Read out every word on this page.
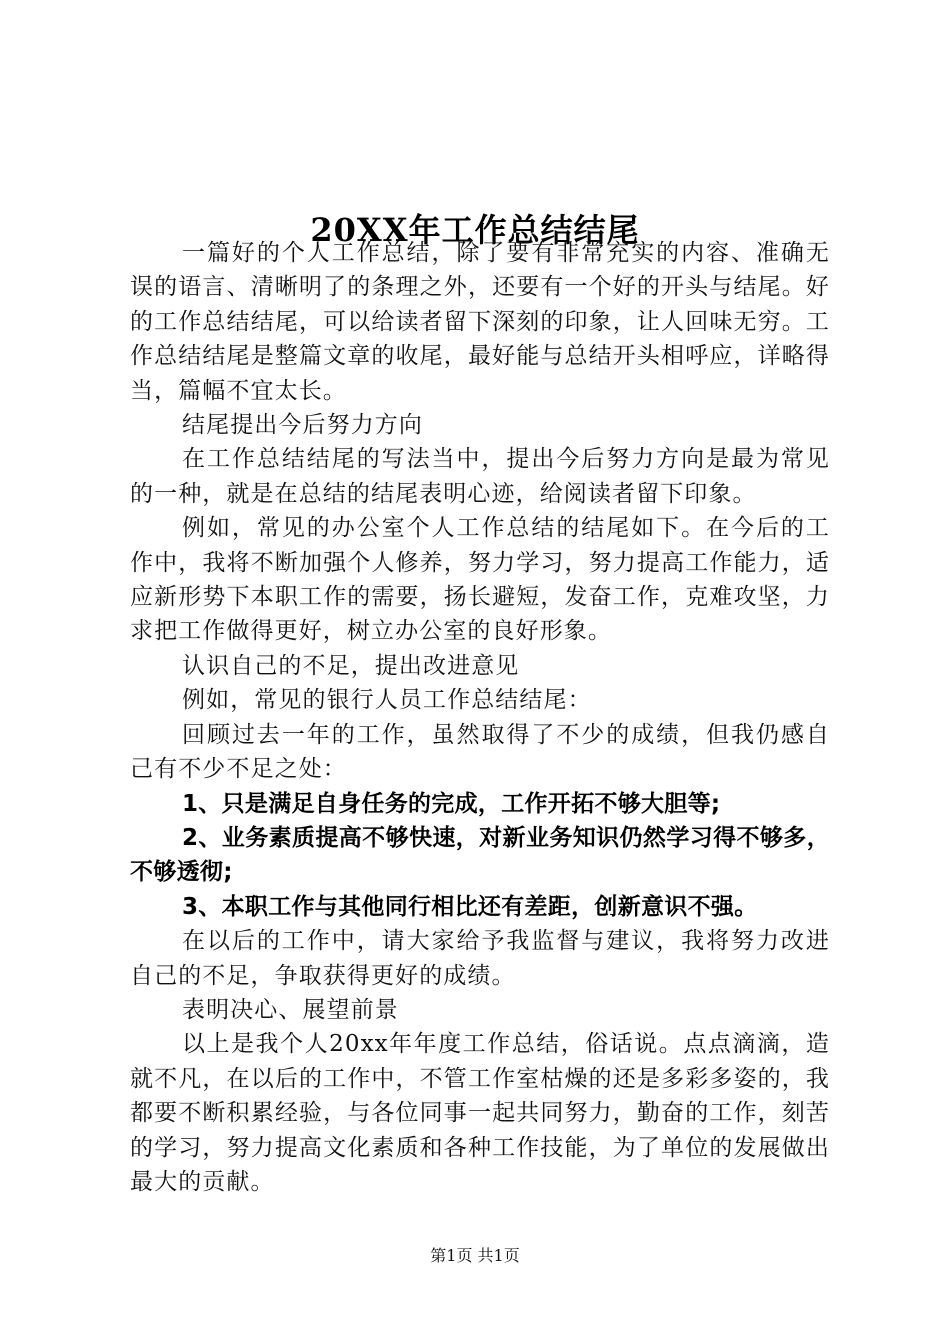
20XX年工作总结结尾

一篇好的个人工作总结，除了要有非常充实的内容、准确无误的语言、清晰明了的条理之外，还要有一个好的开头与结尾。好的工作总结结尾，可以给读者留下深刻的印象，让人回味无穷。工作总结结尾是整篇文章的收尾，最好能与总结开头相呼应，详略得当，篇幅不宜太长。

结尾提出今后努力方向

在工作总结结尾的写法当中，提出今后努力方向是最为常见的一种，就是在总结的结尾表明心迹，给阅读者留下印象。

例如，常见的办公室个人工作总结的结尾如下。在今后的工作中，我将不断加强个人修养，努力学习，努力提高工作能力，适应新形势下本职工作的需要，扬长避短，发奋工作，克难攻坚，力求把工作做得更好，树立办公室的良好形象。

认识自己的不足，提出改进意见

例如，常见的银行人员工作总结结尾：

回顾过去一年的工作，虽然取得了不少的成绩，但我仍感自己有不少不足之处：

1、只是满足自身任务的完成，工作开拓不够大胆等;

2、业务素质提高不够快速，对新业务知识仍然学习得不够多，不够透彻;

3、本职工作与其他同行相比还有差距，创新意识不强。

在以后的工作中，请大家给予我监督与建议，我将努力改进自己的不足，争取获得更好的成绩。

表明决心、展望前景

以上是我个人20xx年年度工作总结，俗话说。点点滴滴，造就不凡，在以后的工作中，不管工作室枯燥的还是多彩多姿的，我都要不断积累经验，与各位同事一起共同努力，勤奋的工作，刻苦的学习，努力提高文化素质和各种工作技能，为了单位的发展做出最大的贡献。

第1页 共1页
